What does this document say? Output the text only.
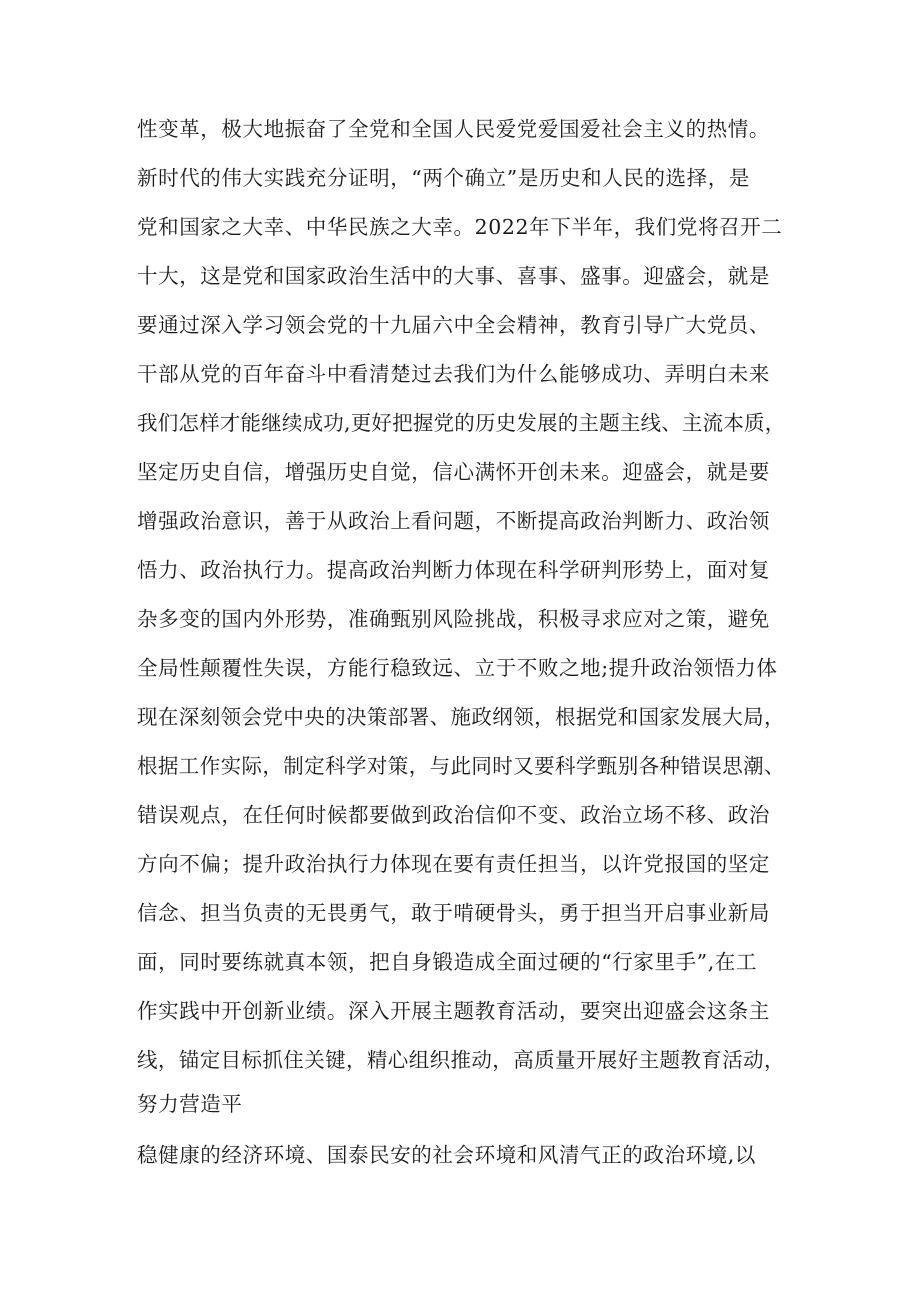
性变革，极大地振奋了全党和全国人民爱党爱国爱社会主义的热情。
新时代的伟大实践充分证明，“两个确立”是历史和人民的选择，是
党和国家之大幸、中华民族之大幸。2022年下半年，我们党将召开二
十大，这是党和国家政治生活中的大事、喜事、盛事。迎盛会，就是
要通过深入学习领会党的十九届六中全会精神，教育引导广大党员、
干部从党的百年奋斗中看清楚过去我们为什么能够成功、弄明白未来
我们怎样才能继续成功,更好把握党的历史发展的主题主线、主流本质，
坚定历史自信，增强历史自觉，信心满怀开创未来。迎盛会，就是要
增强政治意识，善于从政治上看问题，不断提高政治判断力、政治领
悟力、政治执行力。提高政治判断力体现在科学研判形势上，面对复
杂多变的国内外形势，准确甄别风险挑战，积极寻求应对之策，避免
全局性颠覆性失误，方能行稳致远、立于不败之地;提升政治领悟力体
现在深刻领会党中央的决策部署、施政纲领，根据党和国家发展大局，
根据工作实际，制定科学对策，与此同时又要科学甄别各种错误思潮、
错误观点，在任何时候都要做到政治信仰不变、政治立场不移、政治
方向不偏；提升政治执行力体现在要有责任担当，以许党报国的坚定
信念、担当负责的无畏勇气，敢于啃硬骨头，勇于担当开启事业新局
面，同时要练就真本领，把自身锻造成全面过硬的“行家里手”,在工
作实践中开创新业绩。深入开展主题教育活动，要突出迎盛会这条主
线，锚定目标抓住关键，精心组织推动，高质量开展好主题教育活动，
努力营造平
稳健康的经济环境、国泰民安的社会环境和风清气正的政治环境,以
